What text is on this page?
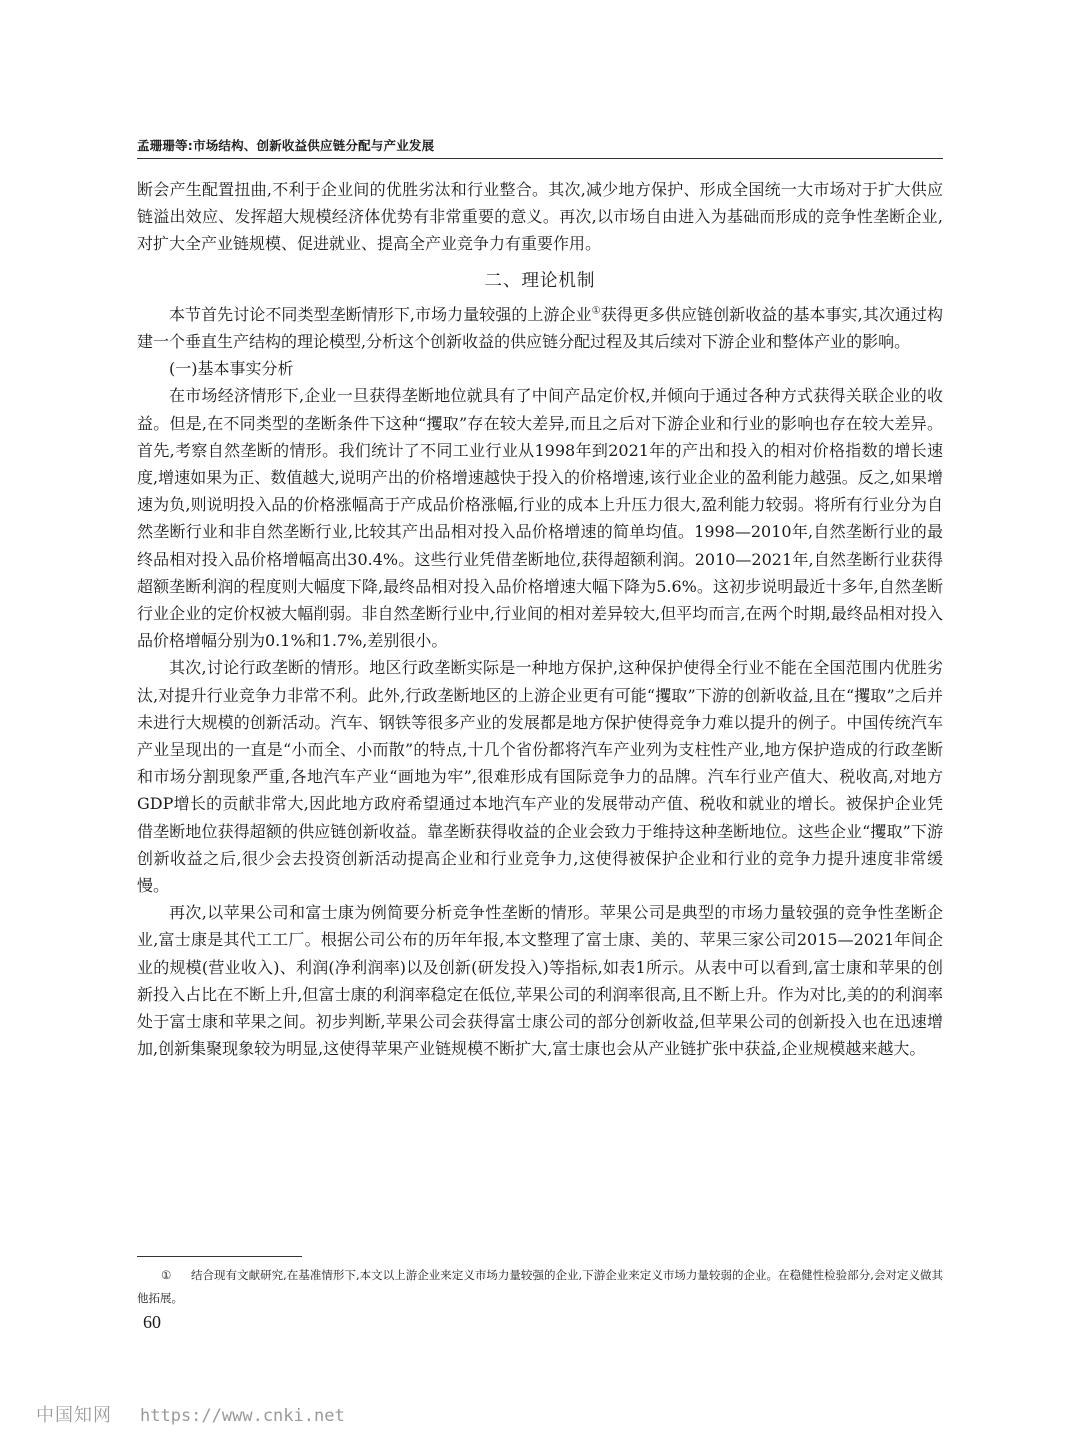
孟珊珊等:市场结构、创新收益供应链分配与产业发展

断会产生配置扭曲,不利于企业间的优胜劣汰和行业整合。其次,减少地方保护、形成全国统一大市场对于扩大供应链溢出效应、发挥超大规模经济体优势有非常重要的意义。再次,以市场自由进入为基础而形成的竞争性垄断企业,对扩大全产业链规模、促进就业、提高全产业竞争力有重要作用。

二、理论机制

本节首先讨论不同类型垄断情形下,市场力量较强的上游企业①获得更多供应链创新收益的基本事实,其次通过构建一个垂直生产结构的理论模型,分析这个创新收益的供应链分配过程及其后续对下游企业和整体产业的影响。

(一)基本事实分析

在市场经济情形下,企业一旦获得垄断地位就具有了中间产品定价权,并倾向于通过各种方式获得关联企业的收益。但是,在不同类型的垄断条件下这种“攫取”存在较大差异,而且之后对下游企业和行业的影响也存在较大差异。首先,考察自然垄断的情形。我们统计了不同工业行业从1998年到2021年的产出和投入的相对价格指数的增长速度,增速如果为正、数值越大,说明产出的价格增速越快于投入的价格增速,该行业企业的盈利能力越强。反之,如果增速为负,则说明投入品的价格涨幅高于产成品价格涨幅,行业的成本上升压力很大,盈利能力较弱。将所有行业分为自然垄断行业和非自然垄断行业,比较其产出品相对投入品价格增速的简单均值。1998—2010年,自然垄断行业的最终品相对投入品价格增幅高出30.4%。这些行业凭借垄断地位,获得超额利润。2010—2021年,自然垄断行业获得超额垄断利润的程度则大幅度下降,最终品相对投入品价格增速大幅下降为5.6%。这初步说明最近十多年,自然垄断行业企业的定价权被大幅削弱。非自然垄断行业中,行业间的相对差异较大,但平均而言,在两个时期,最终品相对投入品价格增幅分别为0.1%和1.7%,差别很小。

其次,讨论行政垄断的情形。地区行政垄断实际是一种地方保护,这种保护使得全行业不能在全国范围内优胜劣汰,对提升行业竞争力非常不利。此外,行政垄断地区的上游企业更有可能“攫取”下游的创新收益,且在“攫取”之后并未进行大规模的创新活动。汽车、钢铁等很多产业的发展都是地方保护使得竞争力难以提升的例子。中国传统汽车产业呈现出的一直是“小而全、小而散”的特点,十几个省份都将汽车产业列为支柱性产业,地方保护造成的行政垄断和市场分割现象严重,各地汽车产业“画地为牢”,很难形成有国际竞争力的品牌。汽车行业产值大、税收高,对地方GDP增长的贡献非常大,因此地方政府希望通过本地汽车产业的发展带动产值、税收和就业的增长。被保护企业凭借垄断地位获得超额的供应链创新收益。靠垄断获得收益的企业会致力于维持这种垄断地位。这些企业“攫取”下游创新收益之后,很少会去投资创新活动提高企业和行业竞争力,这使得被保护企业和行业的竞争力提升速度非常缓慢。

再次,以苹果公司和富士康为例简要分析竞争性垄断的情形。苹果公司是典型的市场力量较强的竞争性垄断企业,富士康是其代工工厂。根据公司公布的历年年报,本文整理了富士康、美的、苹果三家公司2015—2021年间企业的规模(营业收入)、利润(净利润率)以及创新(研发投入)等指标,如表1所示。从表中可以看到,富士康和苹果的创新投入占比在不断上升,但富士康的利润率稳定在低位,苹果公司的利润率很高,且不断上升。作为对比,美的的利润率处于富士康和苹果之间。初步判断,苹果公司会获得富士康公司的部分创新收益,但苹果公司的创新投入也在迅速增加,创新集聚现象较为明显,这使得苹果产业链规模不断扩大,富士康也会从产业链扩张中获益,企业规模越来越大。

① 结合现有文献研究,在基准情形下,本文以上游企业来定义市场力量较强的企业,下游企业来定义市场力量较弱的企业。在稳健性检验部分,会对定义做其他拓展。
60
中国知网 https://www.cnki.net
